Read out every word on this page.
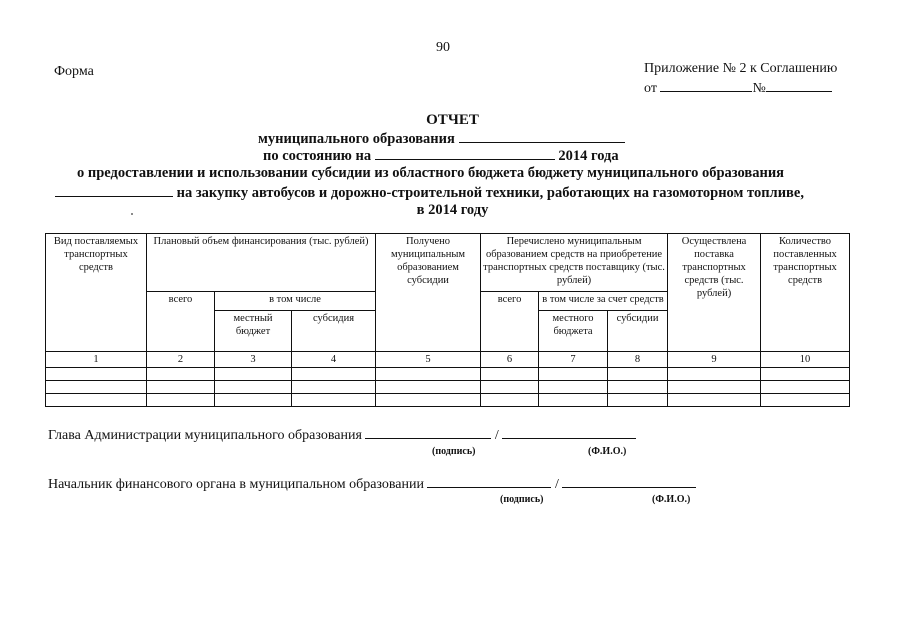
90
Форма	Приложение № 2 к Соглашению
от	№
ОТЧЕТ
муниципального образования
по состоянию на	2014 года
о предоставлении и использовании субсидии из областного бюджета бюджету муниципального образования
на закупку автобусов и дорожно-строительной техники, работающих на газомоторном топливе,
в 2014 году
Вид поставляемых транспортных средств	Плановый объем финансирования (тыс. рублей)			Получено муниципальным образованием субсидии	Перечислено муниципальным образованием средств на приобретение транспортных средств поставщику (тыс. рублей)			Осуществлена поставка транспортных средств (тыс. рублей)	Количество поставленных транспортных средств
	всего	в том числе			всего	в том числе за счет средств			
		местный бюджет	субсидия			местного бюджета	субсидии		
1	2	3	4	5	6	7	8	9	10

Глава Администрации муниципального образования	/
(подпись)	(Ф.И.О.)
Начальник финансового органа в муниципальном образовании	/
(подпись)	(Ф.И.О.)
